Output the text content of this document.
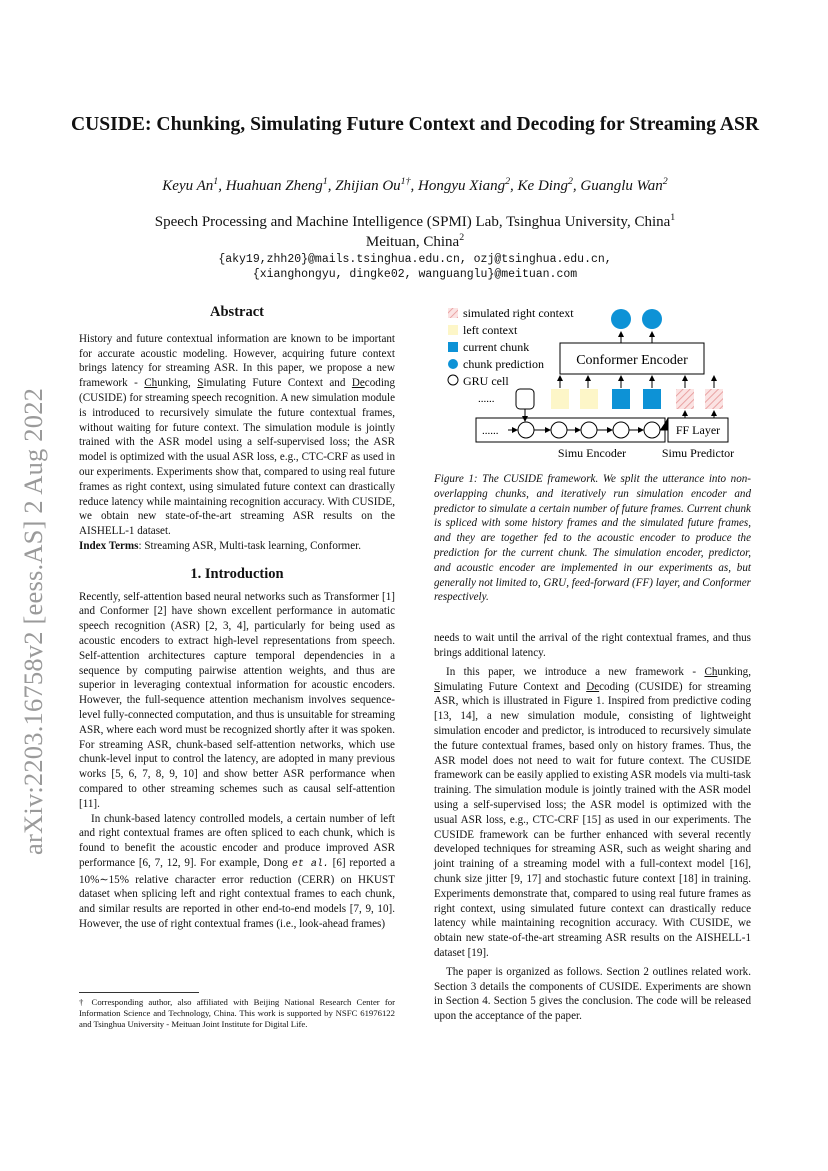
arXiv:2203.16758v2 [eess.AS] 2 Aug 2022
CUSIDE: Chunking, Simulating Future Context and Decoding for Streaming ASR
Keyu An$^1$, Huahuan Zheng$^1$, Zhijian $Ou^{1\dagger}$, Hongyu Xiang$^2$, Ke Ding$^2$, Guanglu Wan$^2$
Speech Processing and Machine Intelligence (SPMI) Lab, Tsinghua University, China$^1$
Meituan, China$^2$
{aky19,zhh20}@mails.tsinghua.edu.cn, ozj@tsinghua.edu.cn,
{xianghongyu, dingke02, wanguanglu}@meituan.com

Abstract

History and future contextual information are known to be important for accurate acoustic modeling. However, acquiring future context brings latency for streaming ASR. In this paper, we propose a new framework - Chunking, Simulating Future Context and Decoding (CUSIDE) for streaming speech recognition. A new simulation module is introduced to recursively simulate the future contextual frames, without waiting for future context. The simulation module is jointly trained with the ASR model using a self-supervised loss; the ASR model is optimized with the usual ASR loss, e.g., CTC-CRF as used in our experiments. Experiments show that, compared to using real future frames as right context, using simulated future context can drastically reduce latency while maintaining recognition accuracy. With CUSIDE, we obtain new state-of-the-art streaming ASR results on the AISHELL-1 dataset.

Index Terms: Streaming ASR, Multi-task learning, Conformer.

1. Introduction

Recently, self-attention based neural networks such as Transformer [1] and Conformer [2] have shown excellent performance in automatic speech recognition (ASR) [2, 3, 4], particularly for being used as acoustic encoders to extract high-level representations from speech. Self-attention architectures capture temporal dependencies in a sequence by computing pairwise attention weights, and thus are superior in leveraging contextual information for acoustic encoders. However, the full-sequence attention mechanism involves sequence-level fully-connected computation, and thus is unsuitable for streaming ASR, where each word must be recognized shortly after it was spoken. For streaming ASR, chunk-based self-attention networks, which use chunk-level input to control the latency, are adopted in many previous works [5, 6, 7, 8, 9, 10] and show better ASR performance when compared to other streaming schemes such as causal self-attention [11].

In chunk-based latency controlled models, a certain number of left and right contextual frames are often spliced to each chunk, which is found to benefit the acoustic encoder and produce improved ASR performance [6, 7, 12, 9]. For example, Dong et al. [6] reported a 10%∼15% relative character error reduction (CERR) on HKUST dataset when splicing left and right contextual frames to each chunk, and similar results are reported in other end-to-end models [7, 9, 10]. However, the use of right contextual frames (i.e., look-ahead frames)

† Corresponding author, also affiliated with Beijing National Research Center for Information Science and Technology, China. This work is supported by NSFC 61976122 and Tsinghua University - Meituan Joint Institute for Digital Life.
simulated right context
left context
current chunk
chunk prediction
GRU cell
Conformer Encoder
......
......	FF Layer
Simu Encoder	Simu Predictor

Figure 1: The CUSIDE framework. We split the utterance into non-overlapping chunks, and iteratively run simulation encoder and predictor to simulate a certain number of future frames. Current chunk is spliced with some history frames and the simulated future frames, and they are together fed to the acoustic encoder to produce the prediction for the current chunk. The simulation encoder, predictor, and acoustic encoder are implemented in our experiments as, but generally not limited to, GRU, feed-forward (FF) layer, and Conformer respectively.

needs to wait until the arrival of the right contextual frames, and thus brings additional latency.

In this paper, we introduce a new framework - Chunking, Simulating Future Context and Decoding (CUSIDE) for streaming ASR, which is illustrated in Figure 1. Inspired from predictive coding [13, 14], a new simulation module, consisting of lightweight simulation encoder and predictor, is introduced to recursively simulate the future contextual frames, based only on history frames. Thus, the ASR model does not need to wait for future context. The CUSIDE framework can be easily applied to existing ASR models via multi-task training. The simulation module is jointly trained with the ASR model using a self-supervised loss; the ASR model is optimized with the usual ASR loss, e.g., CTC-CRF [15] as used in our experiments. The CUSIDE framework can be further enhanced with several recently developed techniques for streaming ASR, such as weight sharing and joint training of a streaming model with a full-context model [16], chunk size jitter [9, 17] and stochastic future context [18] in training. Experiments demonstrate that, compared to using real future frames as right context, using simulated future context can drastically reduce latency while maintaining recognition accuracy. With CUSIDE, we obtain new state-of-the-art streaming ASR results on the AISHELL-1 dataset [19].

The paper is organized as follows. Section 2 outlines related work. Section 3 details the components of CUSIDE. Experiments are shown in Section 4. Section 5 gives the conclusion. The code will be released upon the acceptance of the paper.
